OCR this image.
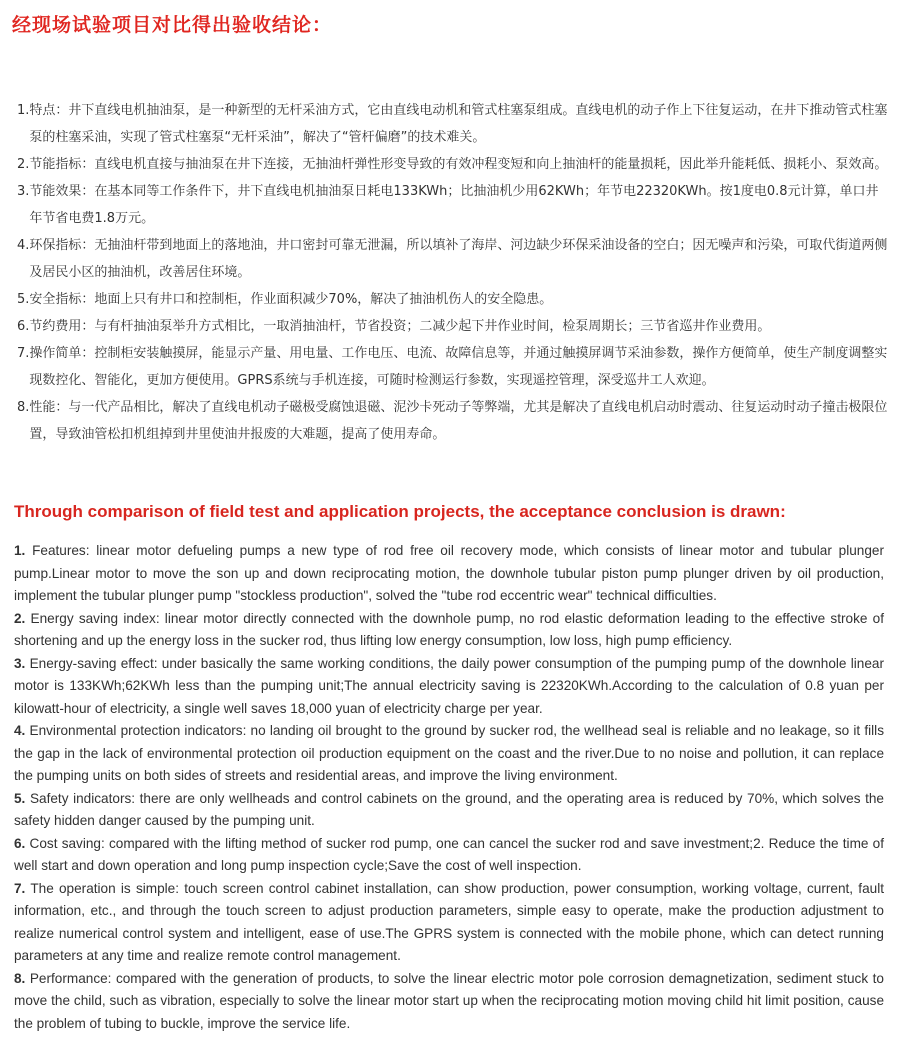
经现场试验项目对比得出验收结论：
1. 特点：井下直线电机抽油泵，是一种新型的无杆采油方式，它由直线电动机和管式柱塞泵组成。直线电机的动子作上下往复运动，在井下推动管式柱塞泵的柱塞采油，实现了管式柱塞泵“无杆采油”，解决了“管杆偏磨”的技术难关。
2. 节能指标：直线电机直接与抽油泵在井下连接，无抽油杆弹性形变导致的有效冲程变短和向上抽油杆的能量损耗，因此举升能耗低、损耗小、泵效高。
3. 节能效果：在基本同等工作条件下，井下直线电机抽油泵日耗电133KWh；比抽油机少用62KWh；年节电22320KWh。按1度电0.8元计算，单口井年节省电费1.8万元。
4. 环保指标：无抽油杆带到地面上的落地油，井口密封可靠无泄漏，所以填补了海岸、河边缺少环保采油设备的空白；因无噪声和污染，可取代街道两侧及居民小区的抽油机，改善居住环境。
5. 安全指标：地面上只有井口和控制柜，作业面积减少70%，解决了抽油机伤人的安全隐患。
6. 节约费用：与有杆抽油泵举升方式相比，一取消抽油杆，节省投资；二减少起下井作业时间，检泵周期长；三节省巡井作业费用。
7. 操作简单：控制柜安装触摸屏，能显示产量、用电量、工作电压、电流、故障信息等，并通过触摸屏调节采油参数，操作方便简单，使生产制度调整实现数控化、智能化，更加方便使用。GPRS系统与手机连接，可随时检测运行参数，实现遥控管理，深受巡井工人欢迎。
8. 性能：与一代产品相比，解决了直线电机动子磁极受腐蚀退磁、泥沙卡死动子等弊端，尤其是解决了直线电机启动时震动、往复运动时动子撞击极限位置，导致油管松扣机组掉到井里使油井报废的大难题，提高了使用寿命。
Through comparison of field test and application projects, the acceptance conclusion is drawn:
1. Features: linear motor defueling pumps a new type of rod free oil recovery mode, which consists of linear motor and tubular plunger pump.Linear motor to move the son up and down reciprocating motion, the downhole tubular piston pump plunger driven by oil production, implement the tubular plunger pump "stockless production", solved the "tube rod eccentric wear" technical difficulties.
2. Energy saving index: linear motor directly connected with the downhole pump, no rod elastic deformation leading to the effective stroke of shortening and up the energy loss in the sucker rod, thus lifting low energy consumption, low loss, high pump efficiency.
3. Energy-saving effect: under basically the same working conditions, the daily power consumption of the pumping pump of the downhole linear motor is 133KWh;62KWh less than the pumping unit;The annual electricity saving is 22320KWh.According to the calculation of 0.8 yuan per kilowatt-hour of electricity, a single well saves 18,000 yuan of electricity charge per year.
4. Environmental protection indicators: no landing oil brought to the ground by sucker rod, the wellhead seal is reliable and no leakage, so it fills the gap in the lack of environmental protection oil production equipment on the coast and the river.Due to no noise and pollution, it can replace the pumping units on both sides of streets and residential areas, and improve the living environment.
5. Safety indicators: there are only wellheads and control cabinets on the ground, and the operating area is reduced by 70%, which solves the safety hidden danger caused by the pumping unit.
6. Cost saving: compared with the lifting method of sucker rod pump, one can cancel the sucker rod and save investment;2. Reduce the time of well start and down operation and long pump inspection cycle;Save the cost of well inspection.
7. The operation is simple: touch screen control cabinet installation, can show production, power consumption, working voltage, current, fault information, etc., and through the touch screen to adjust production parameters, simple easy to operate, make the production adjustment to realize numerical control system and intelligent, ease of use.The GPRS system is connected with the mobile phone, which can detect running parameters at any time and realize remote control management.
8. Performance: compared with the generation of products, to solve the linear electric motor pole corrosion demagnetization, sediment stuck to move the child, such as vibration, especially to solve the linear motor start up when the reciprocating motion moving child hit limit position, cause the problem of tubing to buckle, improve the service life.
